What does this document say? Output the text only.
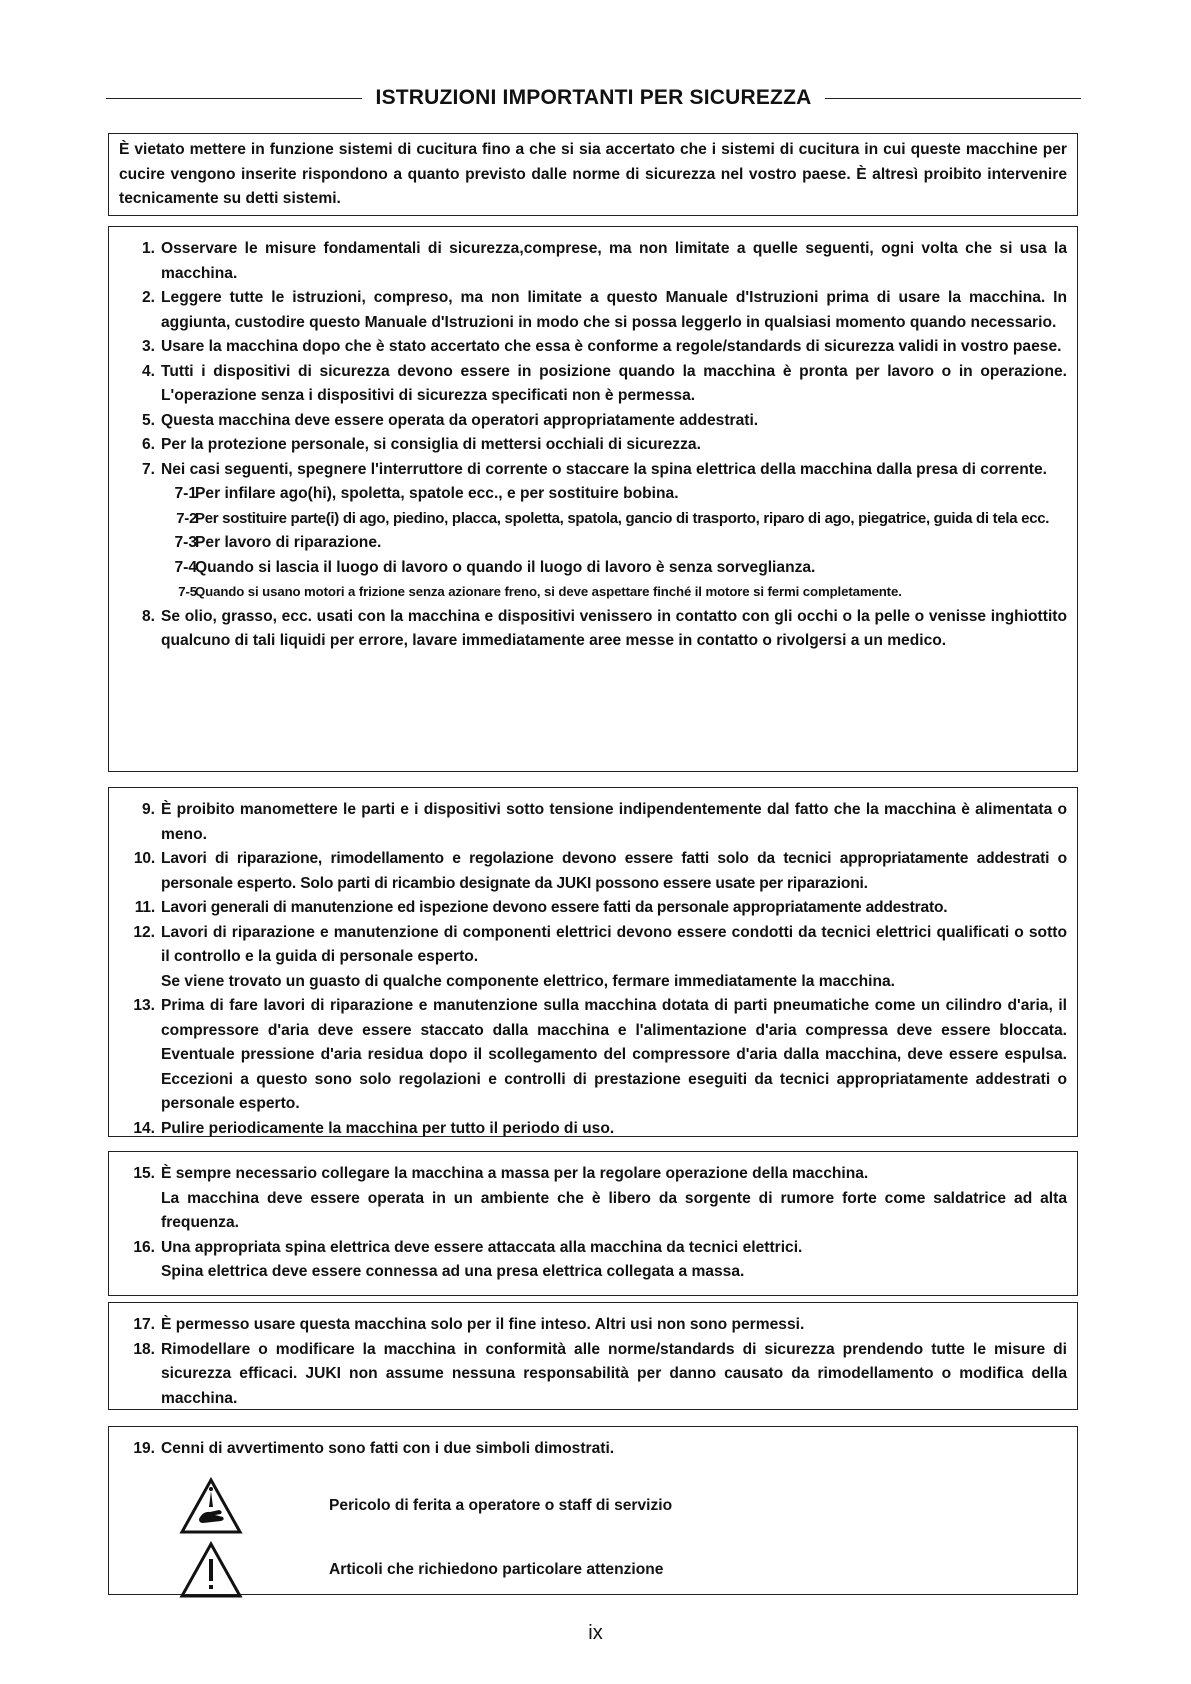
ISTRUZIONI IMPORTANTI PER SICUREZZA

È vietato mettere in funzione sistemi di cucitura fino a che si sia accertato che i sistemi di cucitura in cui queste macchine per cucire vengono inserite rispondono a quanto previsto dalle norme di sicurezza nel vostro paese. È altresì proibito intervenire tecnicamente su detti sistemi.

1. Osservare le misure fondamentali di sicurezza,comprese, ma non limitate a quelle seguenti, ogni volta che si usa la macchina.
2. Leggere tutte le istruzioni, compreso, ma non limitate a questo Manuale d'Istruzioni prima di usare la macchina. In aggiunta, custodire questo Manuale d'Istruzioni in modo che si possa leggerlo in qualsiasi momento quando necessario.
3. Usare la macchina dopo che è stato accertato che essa è conforme a regole/standards di sicurezza validi in vostro paese.
4. Tutti i dispositivi di sicurezza devono essere in posizione quando la macchina è pronta per lavoro o in operazione. L'operazione senza i dispositivi di sicurezza specificati non è permessa.
5. Questa macchina deve essere operata da operatori appropriatamente addestrati.
6. Per la protezione personale, si consiglia di mettersi occhiali di sicurezza.
7. Nei casi seguenti, spegnere l'interruttore di corrente o staccare la spina elettrica della macchina dalla presa di corrente.
7-1
Per infilare ago(hi), spoletta, spatole ecc., e per sostituire bobina.
7-2
Per sostituire parte(i) di ago, piedino, placca, spoletta, spatola, gancio di trasporto, riparo di ago, piegatrice, guida di tela ecc.
7-3
Per lavoro di riparazione.
7-4
Quando si lascia il luogo di lavoro o quando il luogo di lavoro è senza sorveglianza.
7-5
Quando si usano motori a frizione senza azionare freno, si deve aspettare finché il motore si fermi completamente.
8. Se olio, grasso, ecc. usati con la macchina e dispositivi venissero in contatto con gli occhi o la pelle o venisse inghiottito qualcuno di tali liquidi per errore, lavare immediatamente aree messe in contatto o rivolgersi a un medico.
9. È proibito manomettere le parti e i dispositivi sotto tensione indipendentemente dal fatto che la macchina è alimentata o meno.
10. Lavori di riparazione, rimodellamento e regolazione devono essere fatti solo da tecnici appropriatamente addestrati o personale esperto. Solo parti di ricambio designate da JUKI possono essere usate per riparazioni.
11. Lavori generali di manutenzione ed ispezione devono essere fatti da personale appropriatamente addestrato.
12. Lavori di riparazione e manutenzione di componenti elettrici devono essere condotti da tecnici elettrici qualificati o sotto il controllo e la guida di personale esperto.
Se viene trovato un guasto di qualche componente elettrico, fermare immediatamente la macchina.
13. Prima di fare lavori di riparazione e manutenzione sulla macchina dotata di parti pneumatiche come un cilindro d'aria, il compressore d'aria deve essere staccato dalla macchina e l'alimentazione d'aria compressa deve essere bloccata. Eventuale pressione d'aria residua dopo il scollegamento del compressore d'aria dalla macchina, deve essere espulsa. Eccezioni a questo sono solo regolazioni e controlli di prestazione eseguiti da tecnici appropriatamente addestrati o personale esperto.
14. Pulire periodicamente la macchina per tutto il periodo di uso.
15. È sempre necessario collegare la macchina a massa per la regolare operazione della macchina.
La macchina deve essere operata in un ambiente che è libero da sorgente di rumore forte come saldatrice ad alta frequenza.
16. Una appropriata spina elettrica deve essere attaccata alla macchina da tecnici elettrici.
Spina elettrica deve essere connessa ad una presa elettrica collegata a massa.
17. È permesso usare questa macchina solo per il fine inteso. Altri usi non sono permessi.
18. Rimodellare o modificare la macchina in conformità alle norme/standards di sicurezza prendendo tutte le misure di sicurezza efficaci. JUKI non assume nessuna responsabilità per danno causato da rimodellamento o modifica della macchina.
19. Cenni di avvertimento sono fatti con i due simboli dimostrati.
Pericolo di ferita a operatore o staff di servizio
Articoli che richiedono particolare attenzione
ix
